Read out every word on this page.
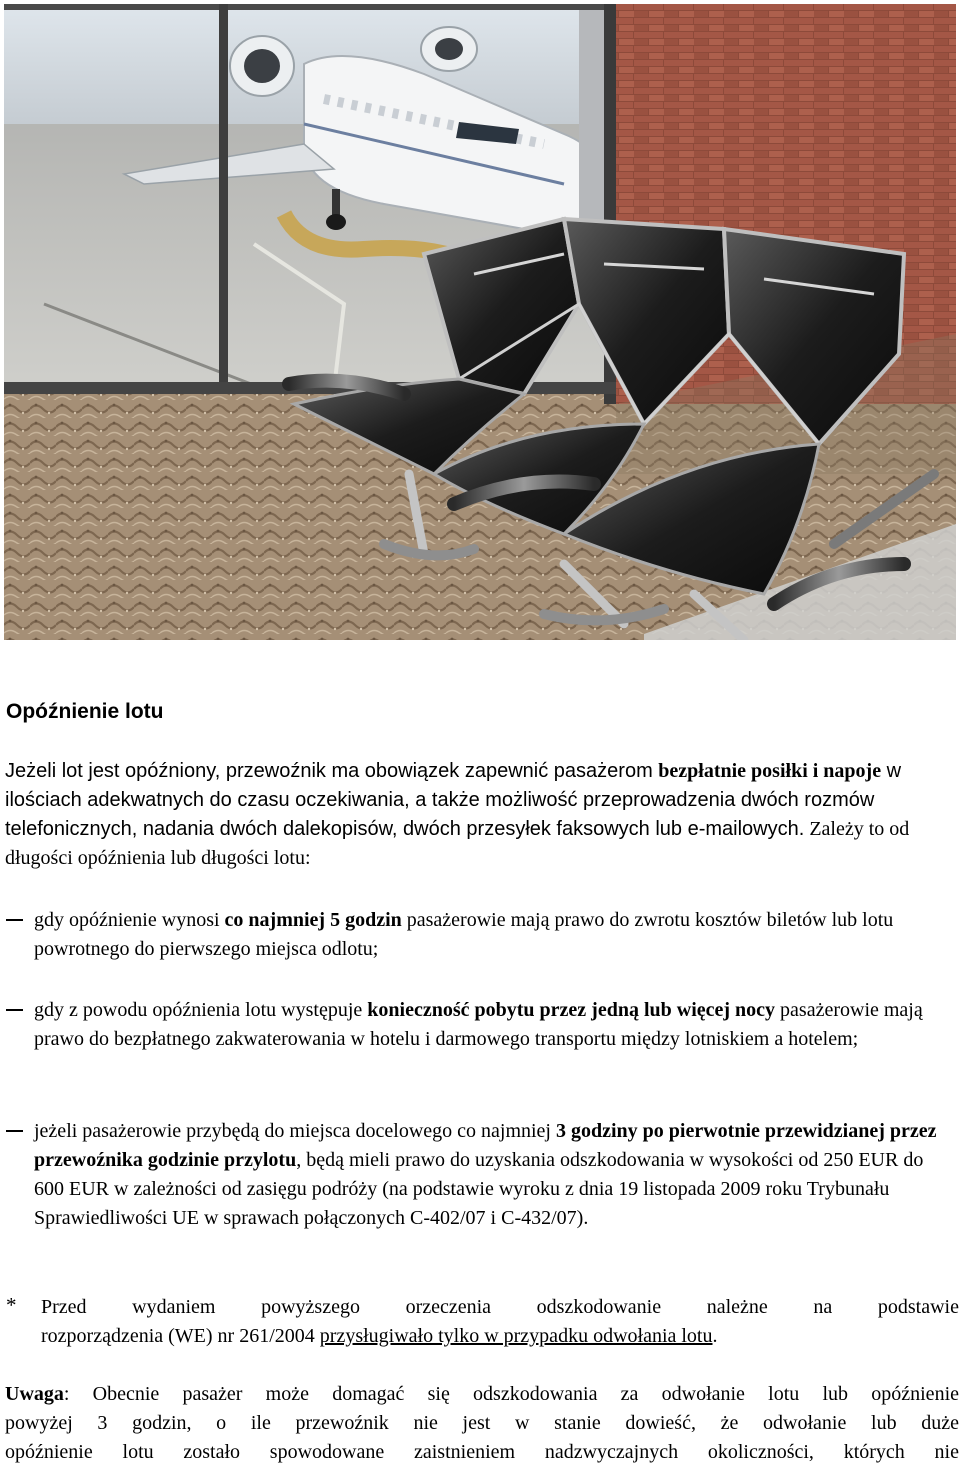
Opóźnienie lotu

Jeżeli lot jest opóźniony, przewoźnik ma obowiązek zapewnić pasażerom bezpłatnie posiłki i napoje w ilościach adekwatnych do czasu oczekiwania, a także możliwość przeprowadzenia dwóch rozmów telefonicznych, nadania dwóch dalekopisów, dwóch przesyłek faksowych lub e-mailowych. Zależy to od długości opóźnienia lub długości lotu:

gdy opóźnienie wynosi co najmniej 5 godzin pasażerowie mają prawo do zwrotu kosztów biletów lub lotu powrotnego do pierwszego miejsca odlotu;
gdy z powodu opóźnienia lotu występuje konieczność pobytu przez jedną lub więcej nocy pasażerowie mają prawo do bezpłatnego zakwaterowania w hotelu i darmowego transportu między lotniskiem a hotelem;
jeżeli pasażerowie przybędą do miejsca docelowego co najmniej 3 godziny po pierwotnie przewidzianej przez przewoźnika godzinie przylotu, będą mieli prawo do uzyskania odszkodowania w wysokości od 250 EUR do 600 EUR w zależności od zasięgu podróży (na podstawie wyroku z dnia 19 listopada 2009 roku Trybunału Sprawiedliwości UE w sprawach połączonych C-402/07 i C-432/07).
* Przed wydaniem powyższego orzeczenia odszkodowanie należne na podstawie
rozporządzenia (WE) nr 261/2004 przysługiwało tylko w przypadku odwołania lotu.
Uwaga: Obecnie pasażer może domagać się odszkodowania za odwołanie lotu lub opóźnienie
powyżej 3 godzin, o ile przewoźnik nie jest w stanie dowieść, że odwołanie lub duże
opóźnienie lotu zostało spowodowane zaistnieniem nadzwyczajnych okoliczności, których nie
